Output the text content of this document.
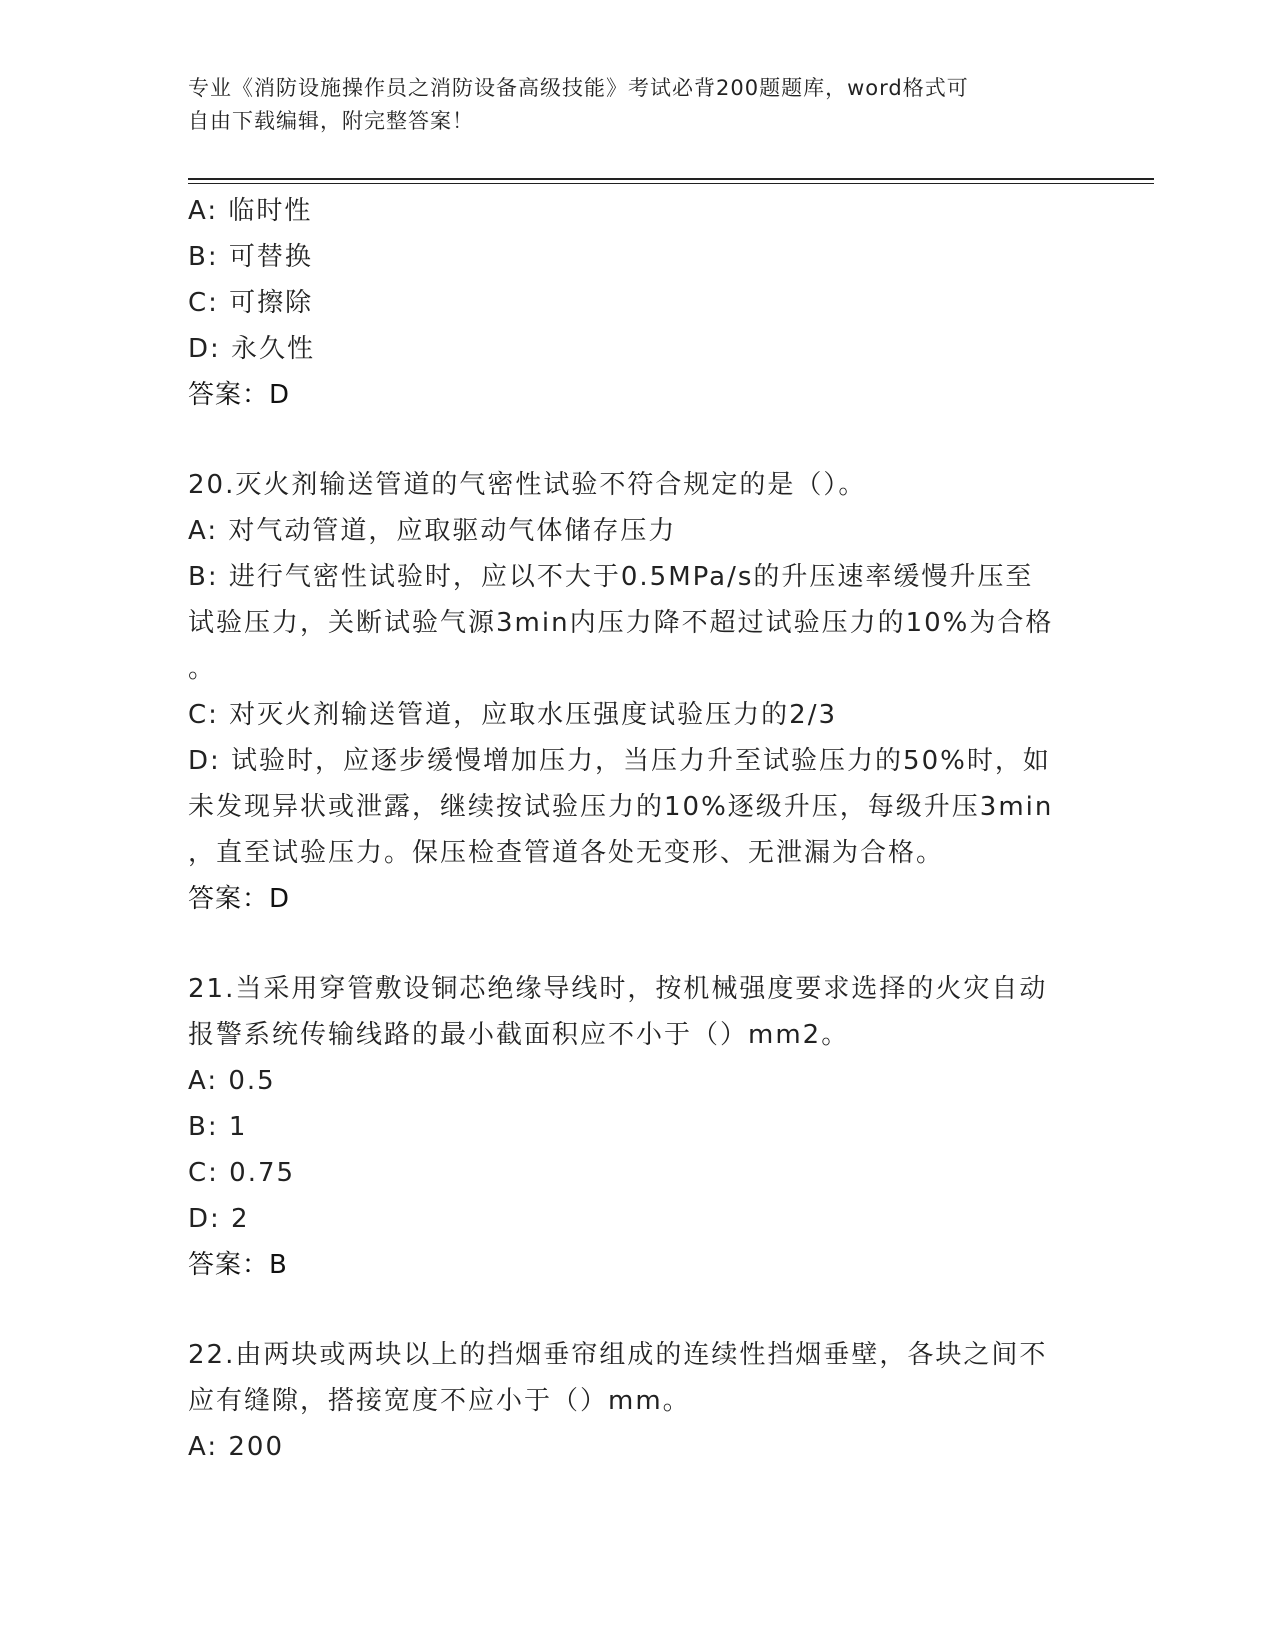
专业《消防设施操作员之消防设备高级技能》考试必背200题题库，word格式可
自由下载编辑，附完整答案！
A: 临时性
B: 可替换
C: 可擦除
D: 永久性
答案：D
20.灭火剂输送管道的气密性试验不符合规定的是（）。
A: 对气动管道，应取驱动气体储存压力
B: 进行气密性试验时，应以不大于0.5MPa/s的升压速率缓慢升压至
试验压力，关断试验气源3min内压力降不超过试验压力的10%为合格
。
C: 对灭火剂输送管道，应取水压强度试验压力的2/3
D: 试验时，应逐步缓慢增加压力，当压力升至试验压力的50%时，如
未发现异状或泄露，继续按试验压力的10%逐级升压，每级升压3min
，直至试验压力。保压检查管道各处无变形、无泄漏为合格。
答案：D
21.当采用穿管敷设铜芯绝缘导线时，按机械强度要求选择的火灾自动
报警系统传输线路的最小截面积应不小于（）mm2。
A: 0.5
B: 1
C: 0.75
D: 2
答案：B
22.由两块或两块以上的挡烟垂帘组成的连续性挡烟垂壁，各块之间不
应有缝隙，搭接宽度不应小于（）mm。
A: 200
